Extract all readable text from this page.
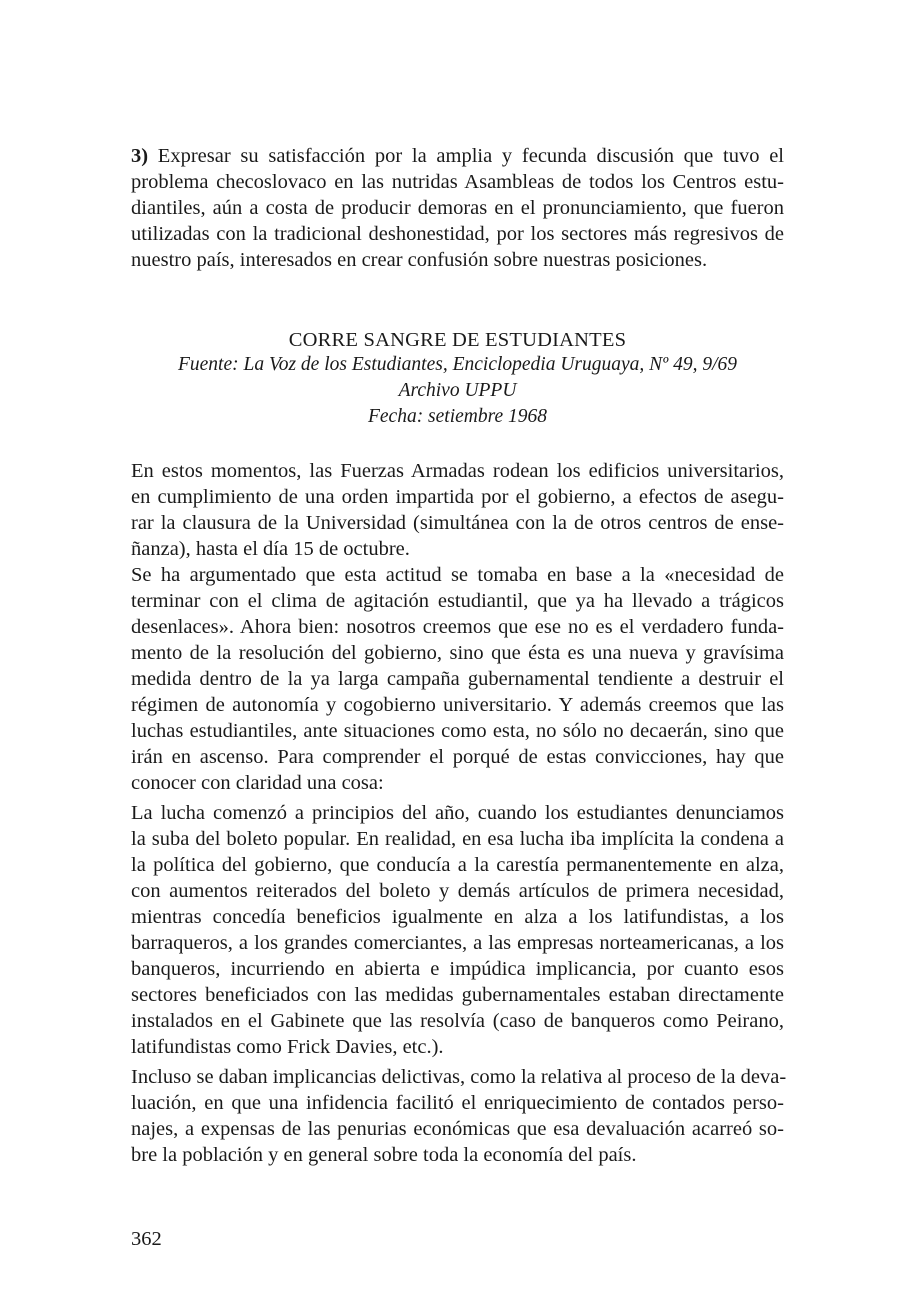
3) Expresar su satisfacción por la amplia y fecunda discusión que tuvo el
problema checoslovaco en las nutridas Asambleas de todos los Centros estu-
diantiles, aún a costa de producir demoras en el pronunciamiento, que fueron
utilizadas con la tradicional deshonestidad, por los sectores más regresivos de
nuestro país, interesados en crear confusión sobre nuestras posiciones.
CORRE SANGRE DE ESTUDIANTES
Fuente: La Voz de los Estudiantes, Enciclopedia Uruguaya, Nº 49, 9/69
Archivo UPPU
Fecha: setiembre 1968
En estos momentos, las Fuerzas Armadas rodean los edificios universitarios,
en cumplimiento de una orden impartida por el gobierno, a efectos de asegu-
rar la clausura de la Universidad (simultánea con la de otros centros de ense-
ñanza), hasta el día 15 de octubre.
Se ha argumentado que esta actitud se tomaba en base a la «necesidad de
terminar con el clima de agitación estudiantil, que ya ha llevado a trágicos
desenlaces». Ahora bien: nosotros creemos que ese no es el verdadero funda-
mento de la resolución del gobierno, sino que ésta es una nueva y gravísima
medida dentro de la ya larga campaña gubernamental tendiente a destruir el
régimen de autonomía y cogobierno universitario. Y además creemos que las
luchas estudiantiles, ante situaciones como esta, no sólo no decaerán, sino que
irán en ascenso. Para comprender el porqué de estas convicciones, hay que
conocer con claridad una cosa:
La lucha comenzó a principios del año, cuando los estudiantes denunciamos
la suba del boleto popular. En realidad, en esa lucha iba implícita la condena a
la política del gobierno, que conducía a la carestía permanentemente en alza,
con aumentos reiterados del boleto y demás artículos de primera necesidad,
mientras concedía beneficios igualmente en alza a los latifundistas, a los
barraqueros, a los grandes comerciantes, a las empresas norteamericanas, a los
banqueros, incurriendo en abierta e impúdica implicancia, por cuanto esos
sectores beneficiados con las medidas gubernamentales estaban directamente
instalados en el Gabinete que las resolvía (caso de banqueros como Peirano,
latifundistas como Frick Davies, etc.).
Incluso se daban implicancias delictivas, como la relativa al proceso de la deva-
luación, en que una infidencia facilitó el enriquecimiento de contados perso-
najes, a expensas de las penurias económicas que esa devaluación acarreó so-
bre la población y en general sobre toda la economía del país.
362
